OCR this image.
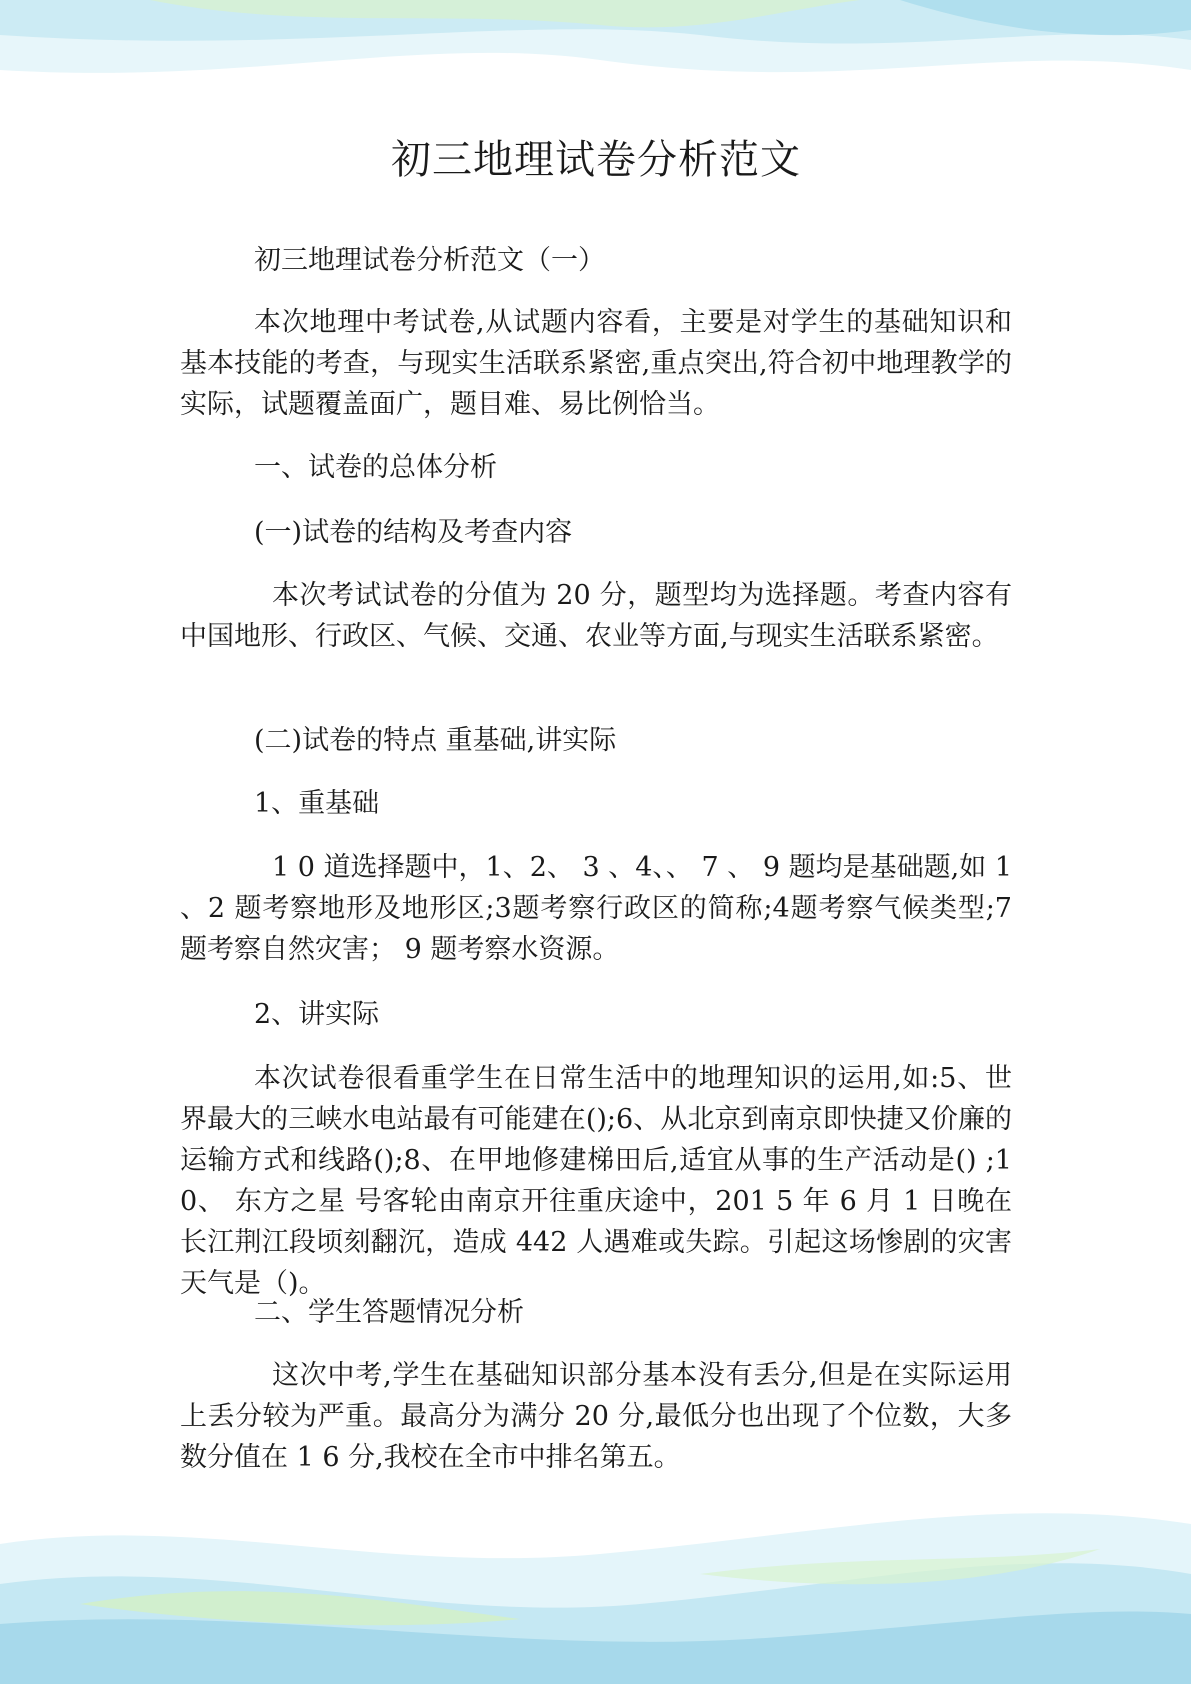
初三地理试卷分析范文

初三地理试卷分析范文（一）

本次地理中考试卷,从试题内容看，主要是对学生的基础知识和基本技能的考查，与现实生活联系紧密,重点突出,符合初中地理教学的实际，试题覆盖面广，题目难、易比例恰当。

一、试卷的总体分析

(一)试卷的结构及考查内容

本次考试试卷的分值为 20 分，题型均为选择题。考查内容有中国地形、行政区、气候、交通、农业等方面,与现实生活联系紧密。

(二)试卷的特点 重基础,讲实际

1、重基础

1 0 道选择题中，1、2、 3 、4、、 7 、 9 题均是基础题,如 1 、2 题考察地形及地形区;3题考察行政区的简称;4题考察气候类型;7题考察自然灾害； 9 题考察水资源。

2、讲实际

本次试卷很看重学生在日常生活中的地理知识的运用,如:5、世界最大的三峡水电站最有可能建在();6、从北京到南京即快捷又价廉的运输方式和线路();8、在甲地修建梯田后,适宜从事的生产活动是() ;10、 东方之星 号客轮由南京开往重庆途中，201 5 年 6 月 1 日晚在长江荆江段顷刻翻沉，造成 442 人遇难或失踪。引起这场惨剧的灾害天气是（)。

二、学生答题情况分析

这次中考,学生在基础知识部分基本没有丢分,但是在实际运用上丢分较为严重。最高分为满分 20 分,最低分也出现了个位数，大多数分值在 1 6 分,我校在全市中排名第五。
